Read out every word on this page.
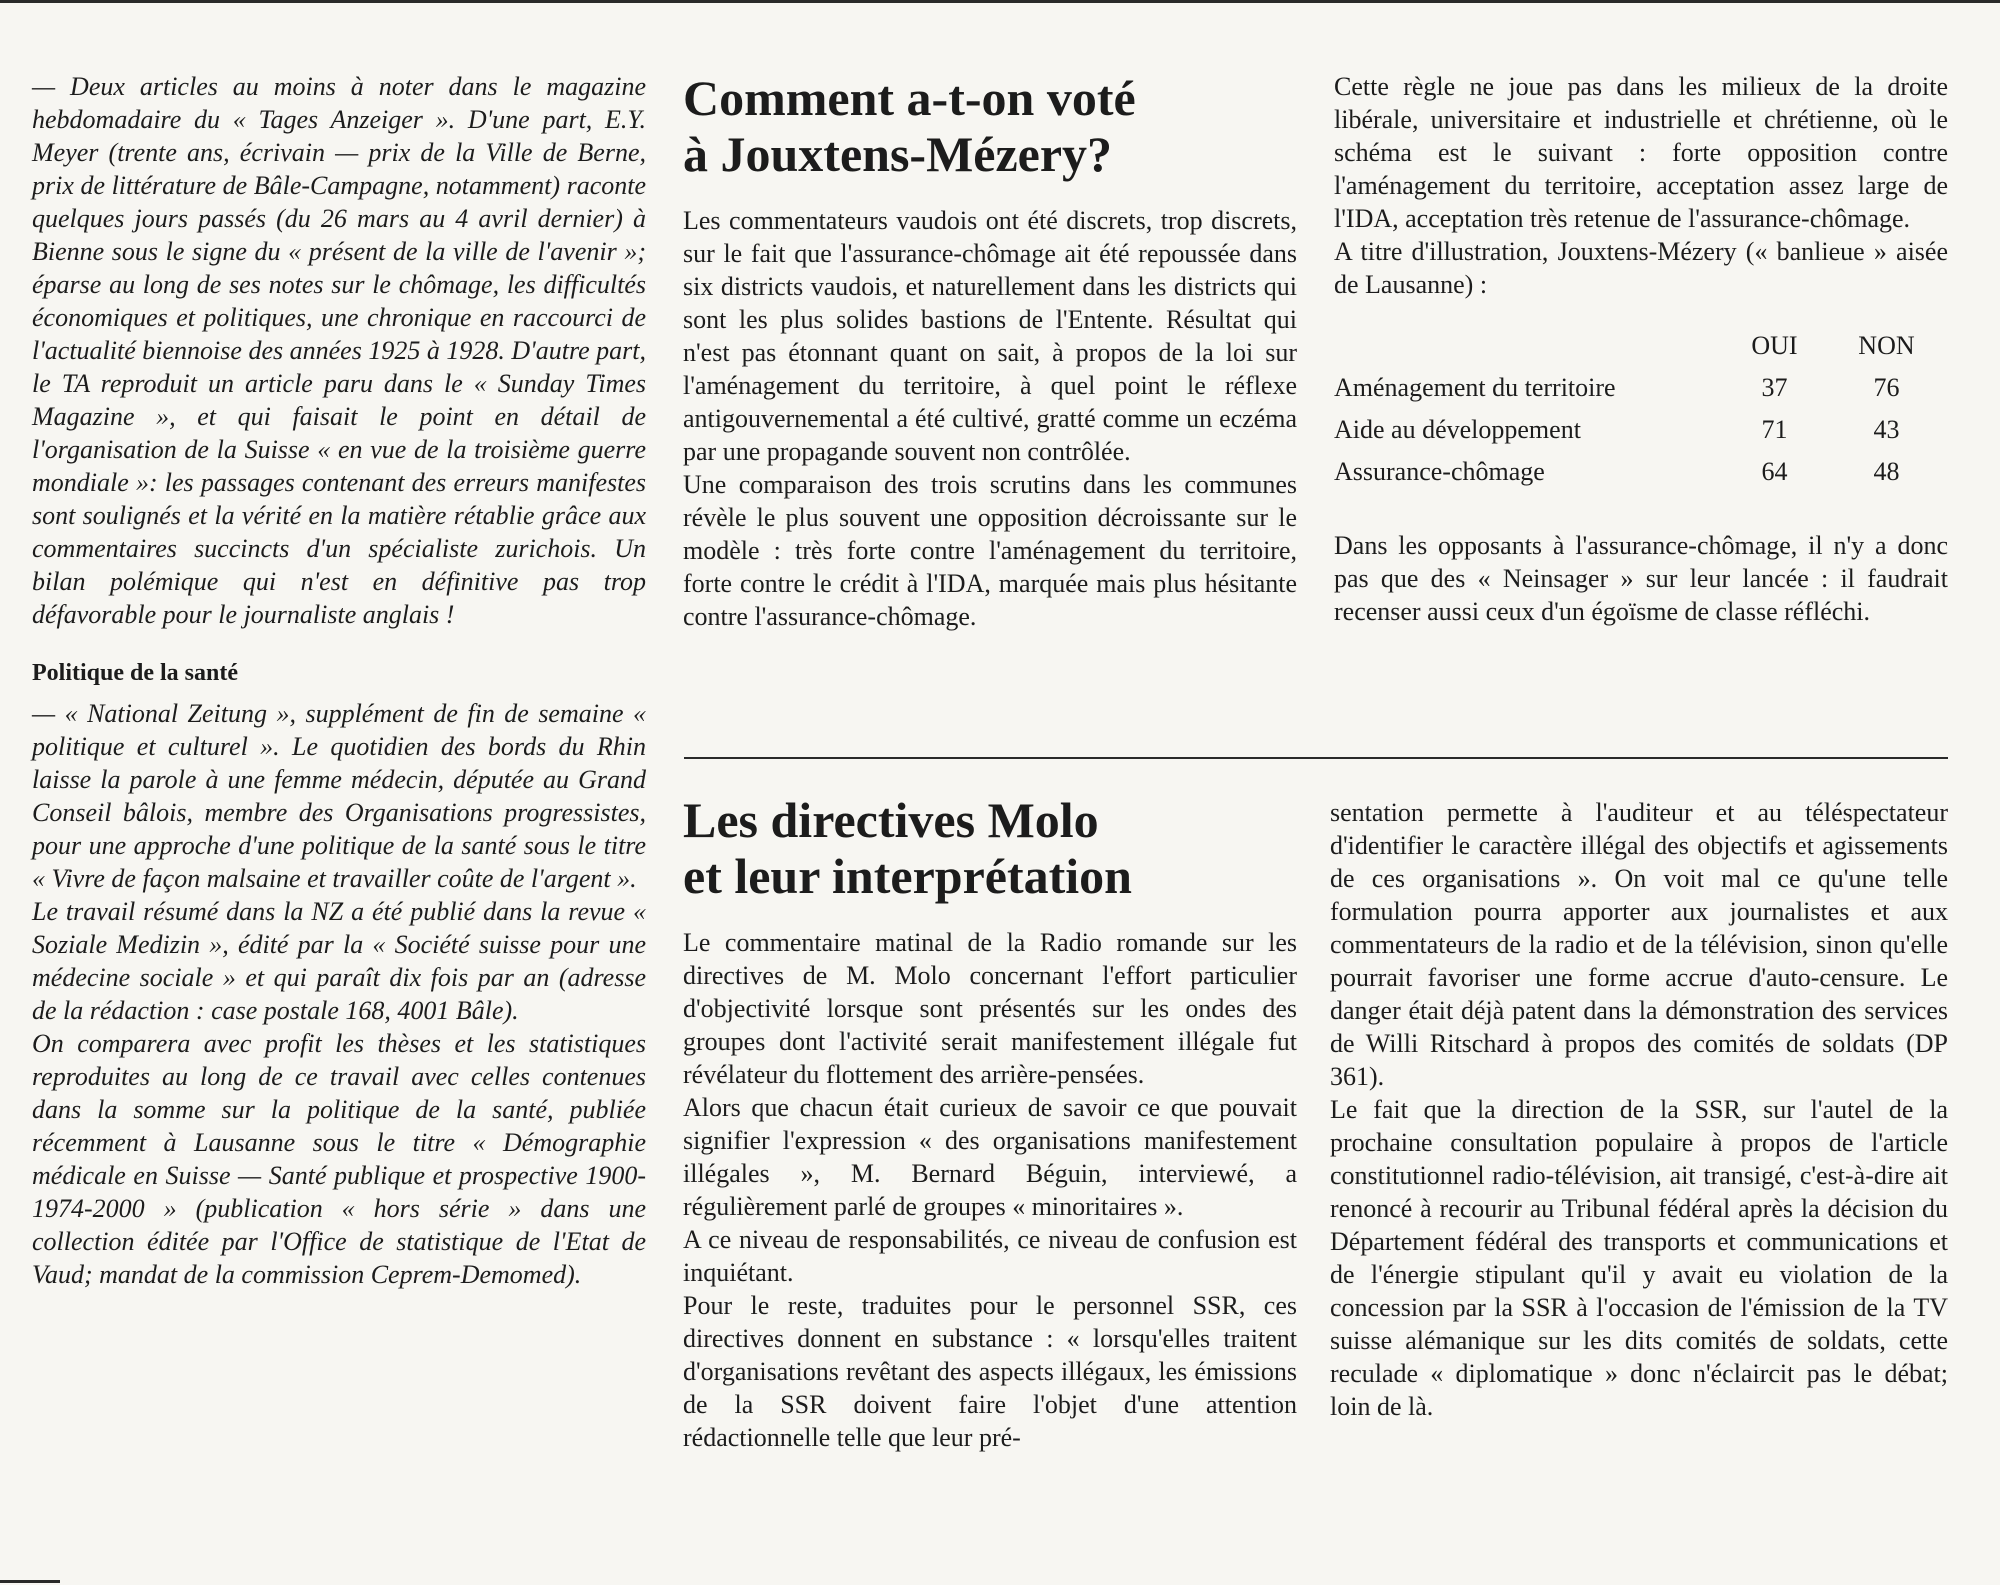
— Deux articles au moins à noter dans le magazine hebdomadaire du « Tages Anzeiger ». D'une part, E.Y. Meyer (trente ans, écrivain — prix de la Ville de Berne, prix de littérature de Bâle-Campagne, notamment) raconte quelques jours passés (du 26 mars au 4 avril dernier) à Bienne sous le signe du « présent de la ville de l'avenir »; éparse au long de ses notes sur le chômage, les difficultés économiques et politiques, une chronique en raccourci de l'actualité biennoise des années 1925 à 1928. D'autre part, le TA reproduit un article paru dans le « Sunday Times Magazine », et qui faisait le point en détail de l'organisation de la Suisse « en vue de la troisième guerre mondiale »: les passages contenant des erreurs manifestes sont soulignés et la vérité en la matière rétablie grâce aux commentaires succincts d'un spécialiste zurichois. Un bilan polémique qui n'est en définitive pas trop défavorable pour le journaliste anglais !

Politique de la santé

— « National Zeitung », supplément de fin de semaine « politique et culturel ». Le quotidien des bords du Rhin laisse la parole à une femme médecin, députée au Grand Conseil bâlois, membre des Organisations progressistes, pour une approche d'une politique de la santé sous le titre « Vivre de façon malsaine et travailler coûte de l'argent ».

Le travail résumé dans la NZ a été publié dans la revue « Soziale Medizin », édité par la « Société suisse pour une médecine sociale » et qui paraît dix fois par an (adresse de la rédaction : case postale 168, 4001 Bâle).

On comparera avec profit les thèses et les statistiques reproduites au long de ce travail avec celles contenues dans la somme sur la politique de la santé, publiée récemment à Lausanne sous le titre « Démographie médicale en Suisse — Santé publique et prospective 1900-1974-2000 » (publication « hors série » dans une collection éditée par l'Office de statistique de l'Etat de Vaud; mandat de la commission Ceprem-Demomed).

Comment a-t-on voté
à Jouxtens-Mézery?

Les commentateurs vaudois ont été discrets, trop discrets, sur le fait que l'assurance-chômage ait été repoussée dans six districts vaudois, et naturellement dans les districts qui sont les plus solides bastions de l'Entente. Résultat qui n'est pas étonnant quant on sait, à propos de la loi sur l'aménagement du territoire, à quel point le réflexe antigouvernemental a été cultivé, gratté comme un eczéma par une propagande souvent non contrôlée.

Une comparaison des trois scrutins dans les communes révèle le plus souvent une opposition décroissante sur le modèle : très forte contre l'aménagement du territoire, forte contre le crédit à l'IDA, marquée mais plus hésitante contre l'assurance-chômage.

Cette règle ne joue pas dans les milieux de la droite libérale, universitaire et industrielle et chrétienne, où le schéma est le suivant : forte opposition contre l'aménagement du territoire, acceptation assez large de l'IDA, acceptation très retenue de l'assurance-chômage.

A titre d'illustration, Jouxtens-Mézery (« banlieue » aisée de Lausanne) :

	OUI	NON
Aménagement du territoire	37	76
Aide au développement	71	43
Assurance-chômage	64	48

Dans les opposants à l'assurance-chômage, il n'y a donc pas que des « Neinsager » sur leur lancée : il faudrait recenser aussi ceux d'un égoïsme de classe réfléchi.

Les directives Molo
et leur interprétation

Le commentaire matinal de la Radio romande sur les directives de M. Molo concernant l'effort particulier d'objectivité lorsque sont présentés sur les ondes des groupes dont l'activité serait manifestement illégale fut révélateur du flottement des arrière-pensées.

Alors que chacun était curieux de savoir ce que pouvait signifier l'expression « des organisations manifestement illégales », M. Bernard Béguin, interviewé, a régulièrement parlé de groupes « minoritaires ».

A ce niveau de responsabilités, ce niveau de confusion est inquiétant.

Pour le reste, traduites pour le personnel SSR, ces directives donnent en substance : « lorsqu'elles traitent d'organisations revêtant des aspects illégaux, les émissions de la SSR doivent faire l'objet d'une attention rédactionnelle telle que leur pré-

sentation permette à l'auditeur et au téléspectateur d'identifier le caractère illégal des objectifs et agissements de ces organisations ». On voit mal ce qu'une telle formulation pourra apporter aux journalistes et aux commentateurs de la radio et de la télévision, sinon qu'elle pourrait favoriser une forme accrue d'auto-censure. Le danger était déjà patent dans la démonstration des services de Willi Ritschard à propos des comités de soldats (DP 361).

Le fait que la direction de la SSR, sur l'autel de la prochaine consultation populaire à propos de l'article constitutionnel radio-télévision, ait transigé, c'est-à-dire ait renoncé à recourir au Tribunal fédéral après la décision du Département fédéral des transports et communications et de l'énergie stipulant qu'il y avait eu violation de la concession par la SSR à l'occasion de l'émission de la TV suisse alémanique sur les dits comités de soldats, cette reculade « diplomatique » donc n'éclaircit pas le débat; loin de là.
